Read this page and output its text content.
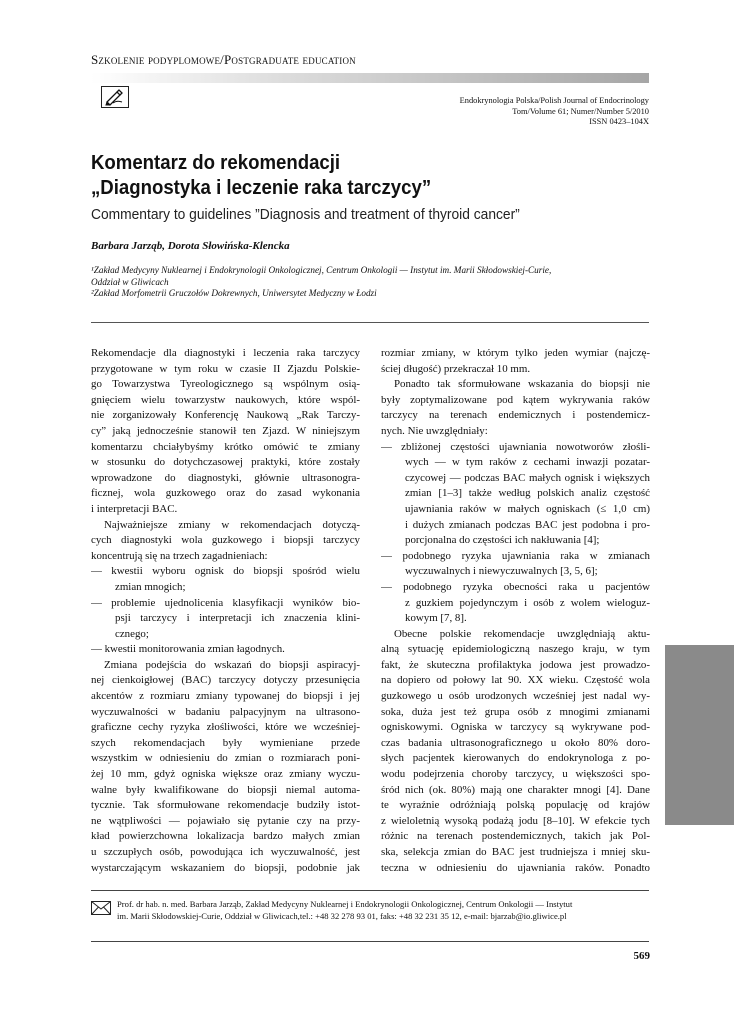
Szkolenie podyplomowe/Postgraduate education
Endokrynologia Polska/Polish Journal of Endocrinology
Tom/Volume 61; Numer/Number 5/2010
ISSN 0423–104X
Komentarz do rekomendacji
„Diagnostyka i leczenie raka tarczycy”
Commentary to guidelines ”Diagnosis and treatment of thyroid cancer”
Barbara Jarząb, Dorota Słowińska-Klencka
¹Zakład Medycyny Nuklearnej i Endokrynologii Onkologicznej, Centrum Onkologii — Instytut im. Marii Skłodowskiej-Curie,
Oddział w Gliwicach
²Zakład Morfometrii Gruczołów Dokrewnych, Uniwersytet Medyczny w Łodzi
Rekomendacje dla diagnostyki i leczenia raka tarczycy
przygotowane w tym roku w czasie II Zjazdu Polskie-
go Towarzystwa Tyreologicznego są wspólnym osią-
gnięciem wielu towarzystw naukowych, które wspól-
nie zorganizowały Konferencję Naukową „Rak Tarczy-
cy” jaką jednocześnie stanowił ten Zjazd. W niniejszym
komentarzu chciałybyśmy krótko omówić te zmiany
w stosunku do dotychczasowej praktyki, które zostały
wprowadzone do diagnostyki, głównie ultrasonogra-
ficznej, wola guzkowego oraz do zasad wykonania
i interpretacji BAC.
Najważniejsze zmiany w rekomendacjach dotyczą-
cych diagnostyki wola guzkowego i biopsji tarczycy
koncentrują się na trzech zagadnieniach:
— kwestii wyboru ognisk do biopsji spośród wielu
zmian mnogich;
— problemie ujednolicenia klasyfikacji wyników bio-
psji tarczycy i interpretacji ich znaczenia klini-
cznego;
— kwestii monitorowania zmian łagodnych.
Zmiana podejścia do wskazań do biopsji aspiracyj-
nej cienkoigłowej (BAC) tarczycy dotyczy przesunięcia
akcentów z rozmiaru zmiany typowanej do biopsji i jej
wyczuwalności w badaniu palpacyjnym na ultrasono-
graficzne cechy ryzyka złośliwości, które we wcześniej-
szych rekomendacjach były wymieniane przede
wszystkim w odniesieniu do zmian o rozmiarach poni-
żej 10 mm, gdyż ogniska większe oraz zmiany wyczu-
walne były kwalifikowane do biopsji niemal automa-
tycznie. Tak sformułowane rekomendacje budziły istot-
ne wątpliwości — pojawiało się pytanie czy na przy-
kład powierzchowna lokalizacja bardzo małych zmian
u szczupłych osób, powodująca ich wyczuwalność, jest
wystarczającym wskazaniem do biopsji, podobnie jak
rozmiar zmiany, w którym tylko jeden wymiar (najczę-
ściej długość) przekraczał 10 mm.
Ponadto tak sformułowane wskazania do biopsji nie
były zoptymalizowane pod kątem wykrywania raków
tarczycy na terenach endemicznych i postendemicz-
nych. Nie uwzględniały:
— zbliżonej częstości ujawniania nowotworów złośli-
wych — w tym raków z cechami inwazji pozatar-
czycowej — podczas BAC małych ognisk i większych
zmian [1–3] także według polskich analiz częstość
ujawniania raków w małych ogniskach (≤ 1,0 cm)
i dużych zmianach podczas BAC jest podobna i pro-
porcjonalna do częstości ich nakłuwania [4];
— podobnego ryzyka ujawniania raka w zmianach
wyczuwalnych i niewyczuwalnych [3, 5, 6];
— podobnego ryzyka obecności raka u pacjentów
z guzkiem pojedynczym i osób z wolem wieloguz-
kowym [7, 8].
Obecne polskie rekomendacje uwzględniają aktu-
alną sytuację epidemiologiczną naszego kraju, w tym
fakt, że skuteczna profilaktyka jodowa jest prowadzo-
na dopiero od połowy lat 90. XX wieku. Częstość wola
guzkowego u osób urodzonych wcześniej jest nadal wy-
soka, duża jest też grupa osób z mnogimi zmianami
ogniskowymi. Ogniska w tarczycy są wykrywane pod-
czas badania ultrasonograficznego u około 80% doro-
słych pacjentek kierowanych do endokrynologa z po-
wodu podejrzenia choroby tarczycy, u większości spo-
śród nich (ok. 80%) mają one charakter mnogi [4]. Dane
te wyraźnie odróżniają polską populację od krajów
z wieloletnią wysoką podażą jodu [8–10]. W efekcie tych
różnic na terenach postendemicznych, takich jak Pol-
ska, selekcja zmian do BAC jest trudniejsza i mniej sku-
teczna w odniesieniu do ujawniania raków. Ponadto
Prof. dr hab. n. med. Barbara Jarząb, Zakład Medycyny Nuklearnej i Endokrynologii Onkologicznej, Centrum Onkologii — Instytut
im. Marii Skłodowskiej-Curie, Oddział w Gliwicach,tel.: +48 32 278 93 01, faks: +48 32 231 35 12, e-mail: bjarzab@io.gliwice.pl
569
